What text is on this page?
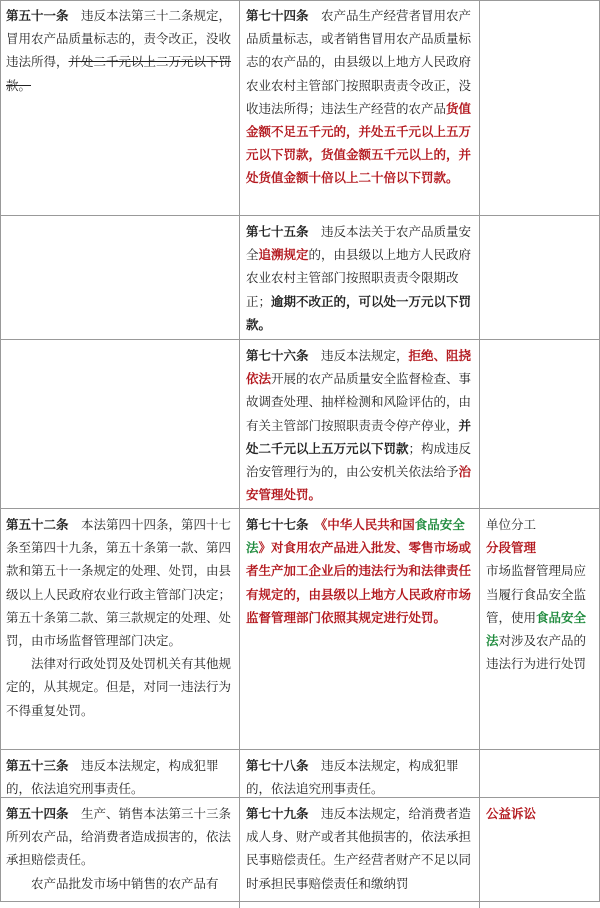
第五十一条　违反本法第三十二条规定，冒用农产品质量标志的，责令改正，没收违法所得，并处二千元以上二万元以下罚款。
第七十四条　农产品生产经营者冒用农产品质量标志，或者销售冒用农产品质量标志的农产品的，由县级以上地方人民政府农业农村主管部门按照职责责令改正，没收违法所得；违法生产经营的农产品货值金额不足五千元的，并处五千元以上五万元以下罚款，货值金额五千元以上的，并处货值金额十倍以上二十倍以下罚款。
第七十五条　违反本法关于农产品质量安全追溯规定的，由县级以上地方人民政府农业农村主管部门按照职责责令限期改正；逾期不改正的，可以处一万元以下罚款。
第七十六条　违反本法规定，拒绝、阻挠依法开展的农产品质量安全监督检查、事故调查处理、抽样检测和风险评估的，由有关主管部门按照职责责令停产停业，并处二千元以上五万元以下罚款；构成违反治安管理行为的，由公安机关依法给予治安管理处罚。

第五十二条　本法第四十四条，第四十七条至第四十九条，第五十条第一款、第四款和第五十一条规定的处理、处罚，由县级以上人民政府农业行政主管部门决定；第五十条第二款、第三款规定的处理、处罚，由市场监督管理部门决定。

法律对行政处罚及处罚机关有其他规定的，从其规定。但是，对同一违法行为不得重复处罚。

第七十七条　《中华人民共和国食品安全法》对食用农产品进入批发、零售市场或者生产加工企业后的违法行为和法律责任有规定的，由县级以上地方人民政府市场监督管理部门依照其规定进行处罚。

单位分工

分段管理

市场监督管理局应当履行食品安全监管，使用食品安全法对涉及农产品的违法行为进行处罚

第五十三条　违反本法规定，构成犯罪的，依法追究刑事责任。
第七十八条　违反本法规定，构成犯罪的，依法追究刑事责任。

第五十四条　生产、销售本法第三十三条所列农产品，给消费者造成损害的，依法承担赔偿责任。

农产品批发市场中销售的农产品有

第七十九条　违反本法规定，给消费者造成人身、财产或者其他损害的，依法承担民事赔偿责任。生产经营者财产不足以同时承担民事赔偿责任和缴纳罚

公益诉讼
